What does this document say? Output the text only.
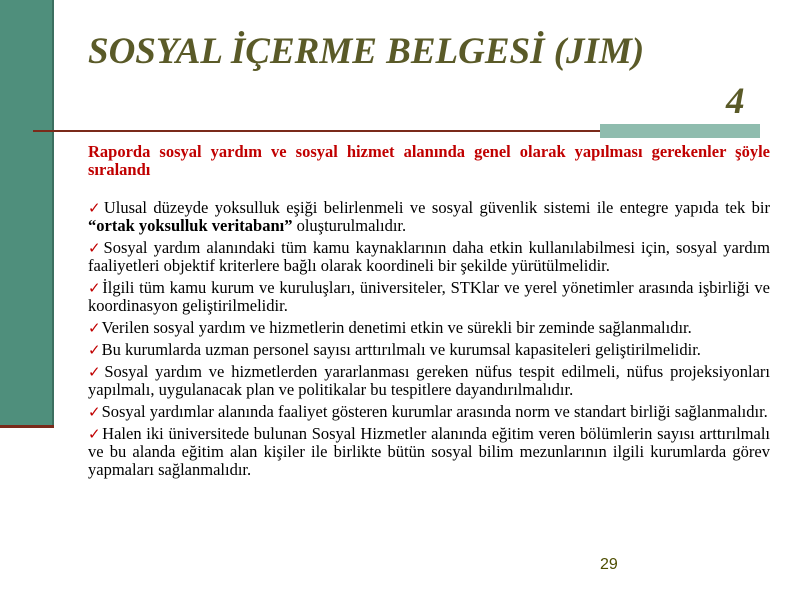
SOSYAL İÇERME BELGESİ (JIM)
4

Raporda sosyal yardım ve sosyal hizmet alanında genel olarak yapılması gerekenler şöyle sıralandı

✓Ulusal düzeyde yoksulluk eşiği belirlenmeli ve sosyal güvenlik sistemi ile entegre yapıda tek bir “ortak yoksulluk veritabanı” oluşturulmalıdır.
✓Sosyal yardım alanındaki tüm kamu kaynaklarının daha etkin kullanılabilmesi için, sosyal yardım faaliyetleri objektif kriterlere bağlı olarak koordineli bir şekilde yürütülmelidir.
✓İlgili tüm kamu kurum ve kuruluşları, üniversiteler, STKlar ve yerel yönetimler arasında işbirliği ve koordinasyon geliştirilmelidir.
✓Verilen sosyal yardım ve hizmetlerin denetimi etkin ve sürekli bir zeminde sağlanmalıdır.
✓Bu kurumlarda uzman personel sayısı arttırılmalı ve kurumsal kapasiteleri geliştirilmelidir.
✓Sosyal yardım ve hizmetlerden yararlanması gereken nüfus tespit edilmeli, nüfus projeksiyonları yapılmalı, uygulanacak plan ve politikalar bu tespitlere dayandırılmalıdır.
✓Sosyal yardımlar alanında faaliyet gösteren kurumlar arasında norm ve standart birliği sağlanmalıdır.
✓Halen iki üniversitede bulunan Sosyal Hizmetler alanında eğitim veren bölümlerin sayısı arttırılmalı ve bu alanda eğitim alan kişiler ile birlikte bütün sosyal bilim mezunlarının ilgili kurumlarda görev yapmaları sağlanmalıdır.
29
